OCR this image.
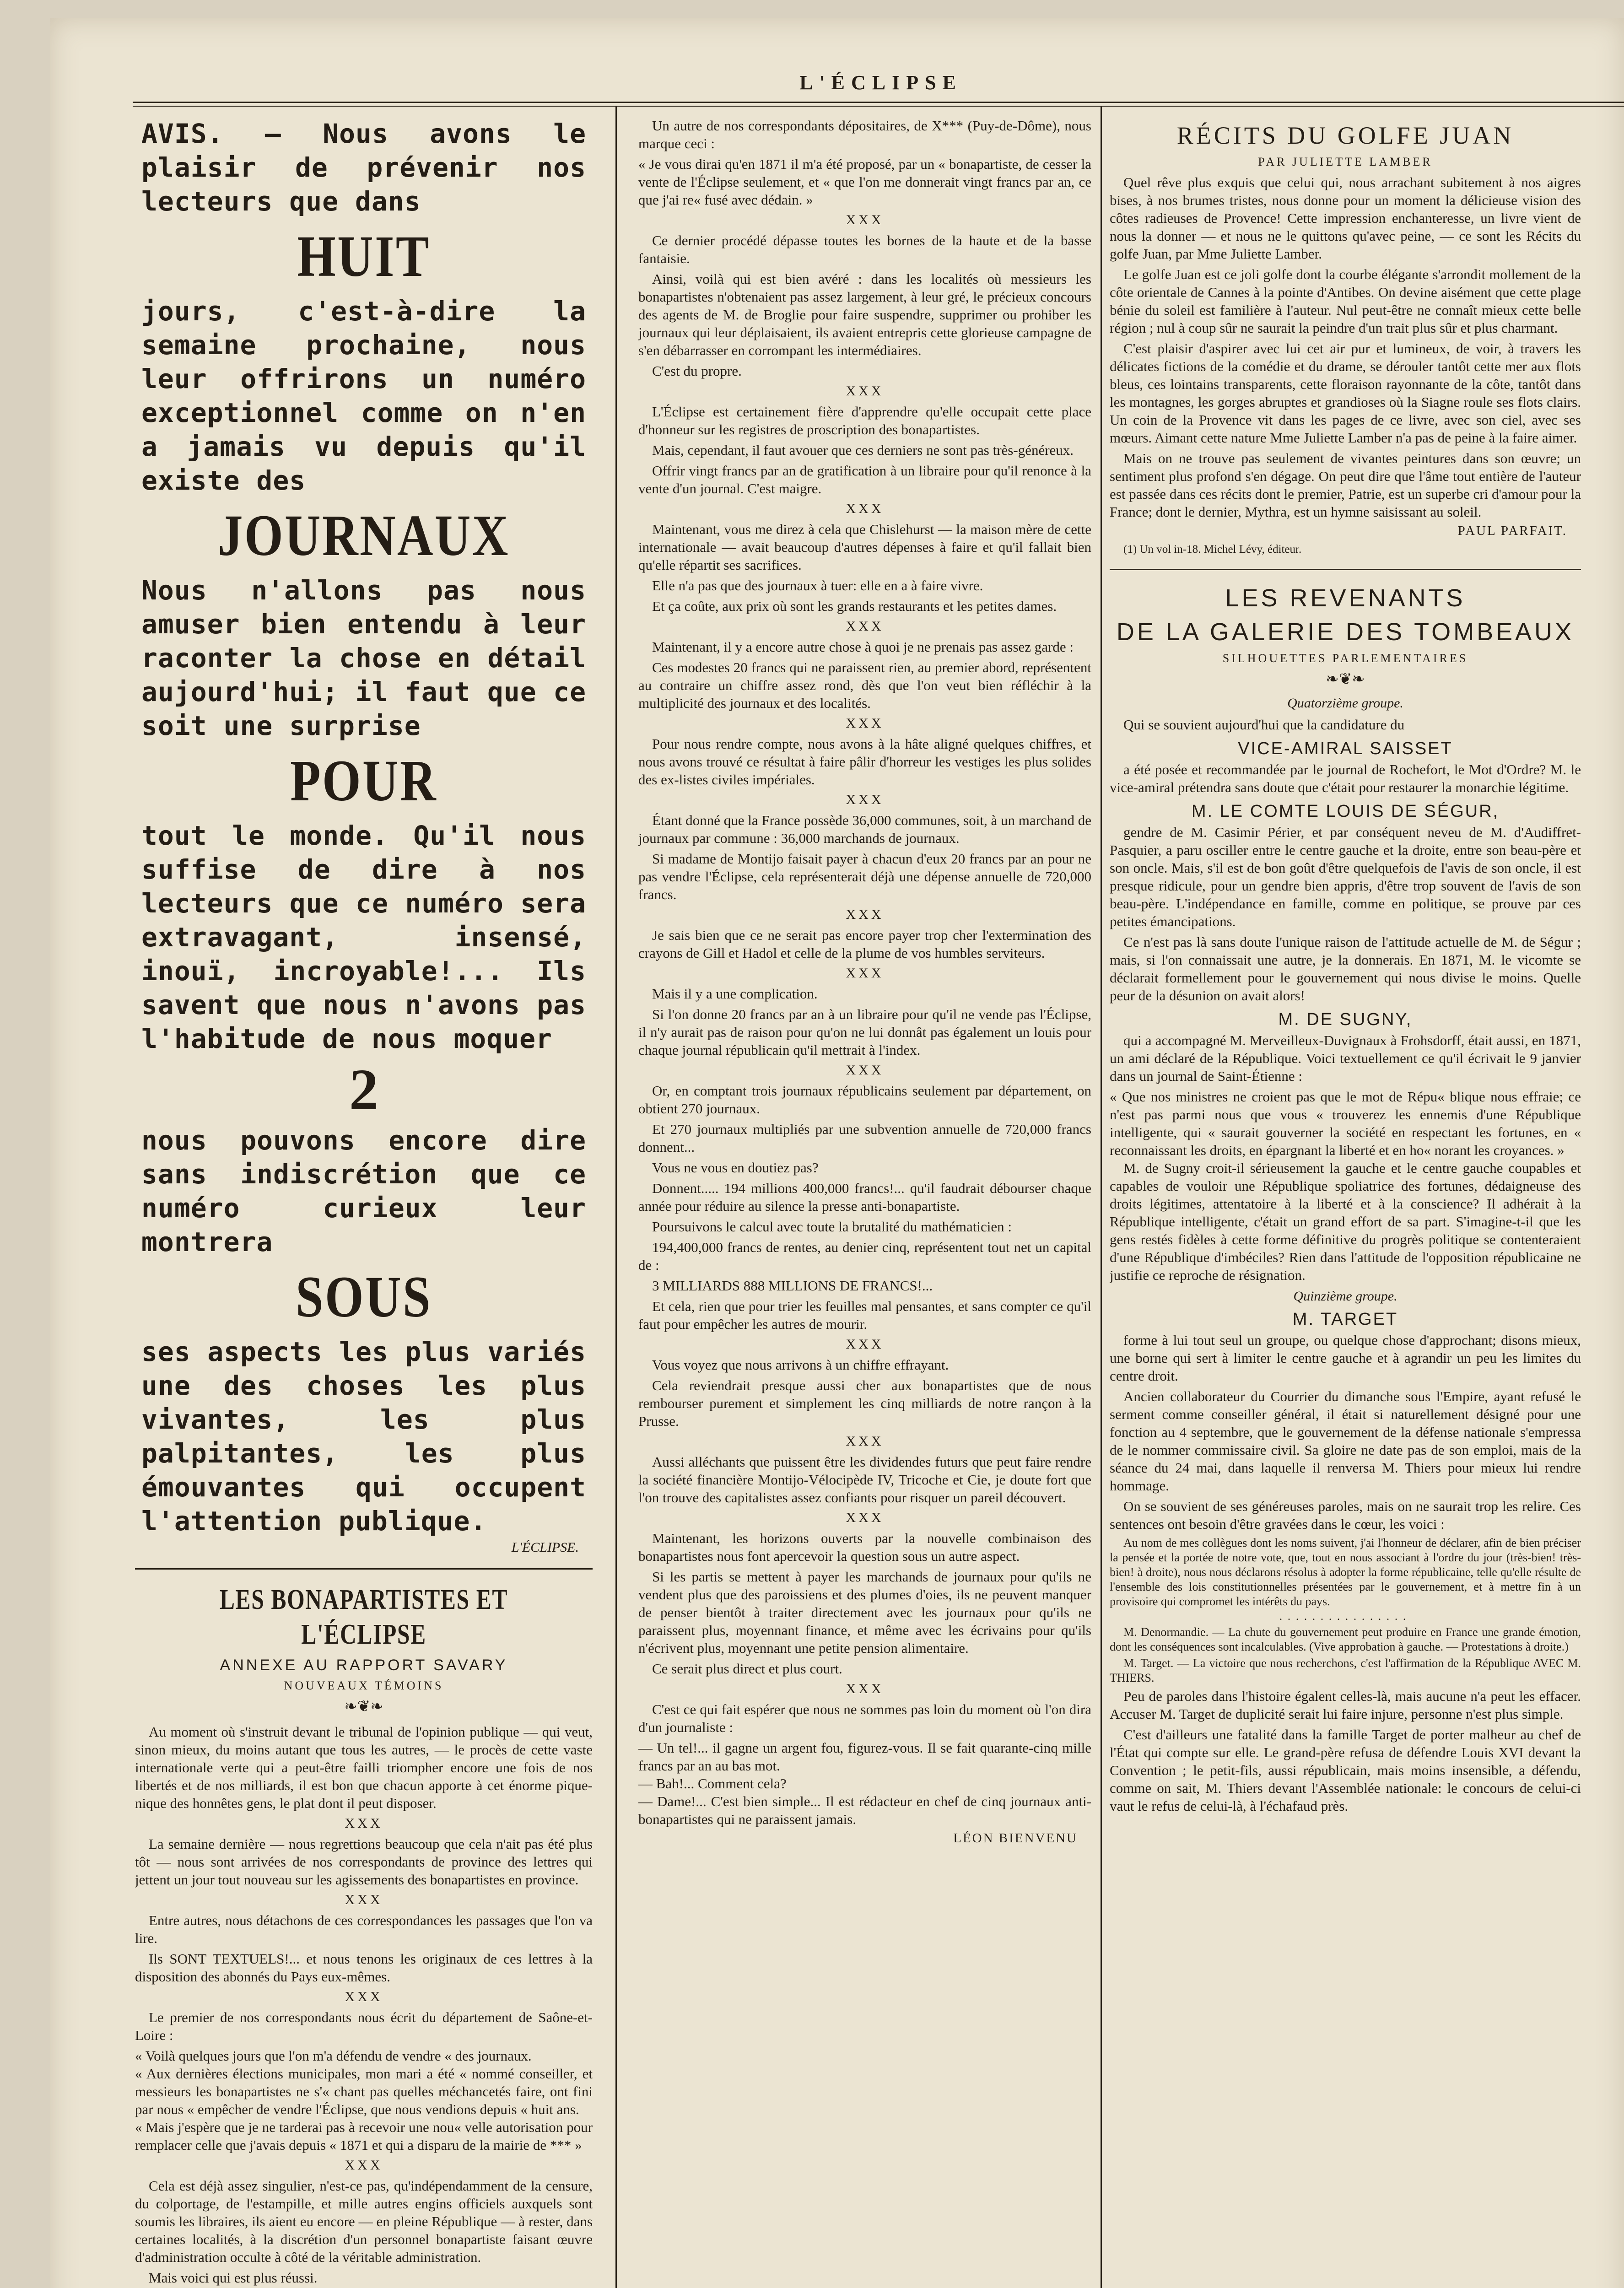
L'ÉCLIPSE
AVIS. — Nous avons le plaisir de prévenir nos lecteurs que dans
HUIT
jours, c'est-à-dire la semaine prochaine, nous leur offrirons un numéro exceptionnel comme on n'en a jamais vu depuis qu'il existe des
JOURNAUX
Nous n'allons pas nous amuser bien entendu à leur raconter la chose en détail aujourd'hui; il faut que ce soit une surprise
POUR
tout le monde. Qu'il nous suffise de dire à nos lecteurs que ce numéro sera extravagant, insensé, inouï, incroyable!... Ils savent que nous n'avons pas l'habitude de nous moquer
2
nous pouvons encore dire sans indiscrétion que ce numéro curieux leur montrera
SOUS
ses aspects les plus variés une des choses les plus vivantes, les plus palpitantes, les plus émouvantes qui occupent l'attention publique.
L'ÉCLIPSE.
LES BONAPARTISTES ET L'ÉCLIPSE
ANNEXE AU RAPPORT SAVARY
NOUVEAUX TÉMOINS
❧❦❧
Au moment où s'instruit devant le tribunal de l'opinion publique — qui veut, sinon mieux, du moins autant que tous les autres, — le procès de cette vaste internationale verte qui a peut-être failli triompher encore une fois de nos libertés et de nos milliards, il est bon que chacun apporte à cet énorme pique-nique des honnêtes gens, le plat dont il peut disposer.
XXX
La semaine dernière — nous regrettions beaucoup que cela n'ait pas été plus tôt — nous sont arrivées de nos correspondants de province des lettres qui jettent un jour tout nouveau sur les agissements des bonapartistes en province.
XXX
Entre autres, nous détachons de ces correspondances les passages que l'on va lire.
Ils SONT TEXTUELS!... et nous tenons les originaux de ces lettres à la disposition des abonnés du Pays eux-mêmes.
XXX
Le premier de nos correspondants nous écrit du département de Saône-et-Loire :
« Voilà quelques jours que l'on m'a défendu de vendre « des journaux.
« Aux dernières élections municipales, mon mari a été « nommé conseiller, et messieurs les bonapartistes ne s'« chant pas quelles méchancetés faire, ont fini par nous « empêcher de vendre l'Éclipse, que nous vendions depuis « huit ans.
« Mais j'espère que je ne tarderai pas à recevoir une nou« velle autorisation pour remplacer celle que j'avais depuis « 1871 et qui a disparu de la mairie de *** »
XXX
Cela est déjà assez singulier, n'est-ce pas, qu'indépendamment de la censure, du colportage, de l'estampille, et mille autres engins officiels auxquels sont soumis les libraires, ils aient eu encore — en pleine République — à rester, dans certaines localités, à la discrétion d'un personnel bonapartiste faisant œuvre d'administration occulte à côté de la véritable administration.
Mais voici qui est plus réussi.
Un autre de nos correspondants dépositaires, de X*** (Puy-de-Dôme), nous marque ceci :
« Je vous dirai qu'en 1871 il m'a été proposé, par un « bonapartiste, de cesser la vente de l'Éclipse seulement, et « que l'on me donnerait vingt francs par an, ce que j'ai re« fusé avec dédain. »
XXX
Ce dernier procédé dépasse toutes les bornes de la haute et de la basse fantaisie.
Ainsi, voilà qui est bien avéré : dans les localités où messieurs les bonapartistes n'obtenaient pas assez largement, à leur gré, le précieux concours des agents de M. de Broglie pour faire suspendre, supprimer ou prohiber les journaux qui leur déplaisaient, ils avaient entrepris cette glorieuse campagne de s'en débarrasser en corrompant les intermédiaires.
C'est du propre.
XXX
L'Éclipse est certainement fière d'apprendre qu'elle occupait cette place d'honneur sur les registres de proscription des bonapartistes.
Mais, cependant, il faut avouer que ces derniers ne sont pas très-généreux.
Offrir vingt francs par an de gratification à un libraire pour qu'il renonce à la vente d'un journal. C'est maigre.
XXX
Maintenant, vous me direz à cela que Chislehurst — la maison mère de cette internationale — avait beaucoup d'autres dépenses à faire et qu'il fallait bien qu'elle répartit ses sacrifices.
Elle n'a pas que des journaux à tuer: elle en a à faire vivre.
Et ça coûte, aux prix où sont les grands restaurants et les petites dames.
XXX
Maintenant, il y a encore autre chose à quoi je ne prenais pas assez garde :
Ces modestes 20 francs qui ne paraissent rien, au premier abord, représentent au contraire un chiffre assez rond, dès que l'on veut bien réfléchir à la multiplicité des journaux et des localités.
XXX
Pour nous rendre compte, nous avons à la hâte aligné quelques chiffres, et nous avons trouvé ce résultat à faire pâlir d'horreur les vestiges les plus solides des ex-listes civiles impériales.
XXX
Étant donné que la France possède 36,000 communes, soit, à un marchand de journaux par commune : 36,000 marchands de journaux.
Si madame de Montijo faisait payer à chacun d'eux 20 francs par an pour ne pas vendre l'Éclipse, cela représenterait déjà une dépense annuelle de 720,000 francs.
XXX
Je sais bien que ce ne serait pas encore payer trop cher l'extermination des crayons de Gill et Hadol et celle de la plume de vos humbles serviteurs.
XXX
Mais il y a une complication.
Si l'on donne 20 francs par an à un libraire pour qu'il ne vende pas l'Éclipse, il n'y aurait pas de raison pour qu'on ne lui donnât pas également un louis pour chaque journal républicain qu'il mettrait à l'index.
XXX
Or, en comptant trois journaux républicains seulement par département, on obtient 270 journaux.
Et 270 journaux multipliés par une subvention annuelle de 720,000 francs donnent...
Vous ne vous en doutiez pas?
Donnent..... 194 millions 400,000 francs!... qu'il faudrait débourser chaque année pour réduire au silence la presse anti-bonapartiste.
Poursuivons le calcul avec toute la brutalité du mathématicien :
194,400,000 francs de rentes, au denier cinq, représentent tout net un capital de :
3 MILLIARDS 888 MILLIONS DE FRANCS!...
Et cela, rien que pour trier les feuilles mal pensantes, et sans compter ce qu'il faut pour empêcher les autres de mourir.
XXX
Vous voyez que nous arrivons à un chiffre effrayant.
Cela reviendrait presque aussi cher aux bonapartistes que de nous rembourser purement et simplement les cinq milliards de notre rançon à la Prusse.
XXX
Aussi alléchants que puissent être les dividendes futurs que peut faire rendre la société financière Montijo-Vélocipède IV, Tricoche et Cie, je doute fort que l'on trouve des capitalistes assez confiants pour risquer un pareil découvert.
XXX
Maintenant, les horizons ouverts par la nouvelle combinaison des bonapartistes nous font apercevoir la question sous un autre aspect.
Si les partis se mettent à payer les marchands de journaux pour qu'ils ne vendent plus que des paroissiens et des plumes d'oies, ils ne peuvent manquer de penser bientôt à traiter directement avec les journaux pour qu'ils ne paraissent plus, moyennant finance, et même avec les écrivains pour qu'ils n'écrivent plus, moyennant une petite pension alimentaire.
Ce serait plus direct et plus court.
XXX
C'est ce qui fait espérer que nous ne sommes pas loin du moment où l'on dira d'un journaliste :
— Un tel!... il gagne un argent fou, figurez-vous. Il se fait quarante-cinq mille francs par an au bas mot.
— Bah!... Comment cela?
— Dame!... C'est bien simple... Il est rédacteur en chef de cinq journaux anti-bonapartistes qui ne paraissent jamais.
LÉON BIENVENU
RÉCITS DU GOLFE JUAN
PAR JULIETTE LAMBER
Quel rêve plus exquis que celui qui, nous arrachant subitement à nos aigres bises, à nos brumes tristes, nous donne pour un moment la délicieuse vision des côtes radieuses de Provence! Cette impression enchanteresse, un livre vient de nous la donner — et nous ne le quittons qu'avec peine, — ce sont les Récits du golfe Juan, par Mme Juliette Lamber.
Le golfe Juan est ce joli golfe dont la courbe élégante s'arrondit mollement de la côte orientale de Cannes à la pointe d'Antibes. On devine aisément que cette plage bénie du soleil est familière à l'auteur. Nul peut-être ne connaît mieux cette belle région ; nul à coup sûr ne saurait la peindre d'un trait plus sûr et plus charmant.
C'est plaisir d'aspirer avec lui cet air pur et lumineux, de voir, à travers les délicates fictions de la comédie et du drame, se dérouler tantôt cette mer aux flots bleus, ces lointains transparents, cette floraison rayonnante de la côte, tantôt dans les montagnes, les gorges abruptes et grandioses où la Siagne roule ses flots clairs. Un coin de la Provence vit dans les pages de ce livre, avec son ciel, avec ses mœurs. Aimant cette nature Mme Juliette Lamber n'a pas de peine à la faire aimer.
Mais on ne trouve pas seulement de vivantes peintures dans son œuvre; un sentiment plus profond s'en dégage. On peut dire que l'âme tout entière de l'auteur est passée dans ces récits dont le premier, Patrie, est un superbe cri d'amour pour la France; dont le dernier, Mythra, est un hymne saisissant au soleil.
PAUL PARFAIT.
(1) Un vol in-18. Michel Lévy, éditeur.
LES REVENANTS
DE LA GALERIE DES TOMBEAUX
SILHOUETTES PARLEMENTAIRES
❧❦❧
Quatorzième groupe.
Qui se souvient aujourd'hui que la candidature du
VICE-AMIRAL SAISSET
a été posée et recommandée par le journal de Rochefort, le Mot d'Ordre? M. le vice-amiral prétendra sans doute que c'était pour restaurer la monarchie légitime.
M. LE COMTE LOUIS DE SÉGUR,
gendre de M. Casimir Périer, et par conséquent neveu de M. d'Audiffret-Pasquier, a paru osciller entre le centre gauche et la droite, entre son beau-père et son oncle. Mais, s'il est de bon goût d'être quelquefois de l'avis de son oncle, il est presque ridicule, pour un gendre bien appris, d'être trop souvent de l'avis de son beau-père. L'indépendance en famille, comme en politique, se prouve par ces petites émancipations.
Ce n'est pas là sans doute l'unique raison de l'attitude actuelle de M. de Ségur ; mais, si l'on connaissait une autre, je la donnerais. En 1871, M. le vicomte se déclarait formellement pour le gouvernement qui nous divise le moins. Quelle peur de la désunion on avait alors!
M. DE SUGNY,
qui a accompagné M. Merveilleux-Duvignaux à Frohsdorff, était aussi, en 1871, un ami déclaré de la République. Voici textuellement ce qu'il écrivait le 9 janvier dans un journal de Saint-Étienne :
« Que nos ministres ne croient pas que le mot de Répu« blique nous effraie; ce n'est pas parmi nous que vous « trouverez les ennemis d'une République intelligente, qui « saurait gouverner la société en respectant les fortunes, en « reconnaissant les droits, en épargnant la liberté et en ho« norant les croyances. »
M. de Sugny croit-il sérieusement la gauche et le centre gauche coupables et capables de vouloir une République spoliatrice des fortunes, dédaigneuse des droits légitimes, attentatoire à la liberté et à la conscience? Il adhérait à la République intelligente, c'était un grand effort de sa part. S'imagine-t-il que les gens restés fidèles à cette forme définitive du progrès politique se contenteraient d'une République d'imbéciles? Rien dans l'attitude de l'opposition républicaine ne justifie ce reproche de résignation.
Quinzième groupe.
M. TARGET
forme à lui tout seul un groupe, ou quelque chose d'approchant; disons mieux, une borne qui sert à limiter le centre gauche et à agrandir un peu les limites du centre droit.
Ancien collaborateur du Courrier du dimanche sous l'Empire, ayant refusé le serment comme conseiller général, il était si naturellement désigné pour une fonction au 4 septembre, que le gouvernement de la défense nationale s'empressa de le nommer commissaire civil. Sa gloire ne date pas de son emploi, mais de la séance du 24 mai, dans laquelle il renversa M. Thiers pour mieux lui rendre hommage.
On se souvient de ses généreuses paroles, mais on ne saurait trop les relire. Ces sentences ont besoin d'être gravées dans le cœur, les voici :
Au nom de mes collègues dont les noms suivent, j'ai l'honneur de déclarer, afin de bien préciser la pensée et la portée de notre vote, que, tout en nous associant à l'ordre du jour (très-bien! très-bien! à droite), nous nous déclarons résolus à adopter la forme républicaine, telle qu'elle résulte de l'ensemble des lois constitutionnelles présentées par le gouvernement, et à mettre fin à un provisoire qui compromet les intérêts du pays.
................
M. Denormandie. — La chute du gouvernement peut produire en France une grande émotion, dont les conséquences sont incalculables. (Vive approbation à gauche. — Protestations à droite.)
M. Target. — La victoire que nous recherchons, c'est l'affirmation de la République AVEC M. THIERS.
Peu de paroles dans l'histoire égalent celles-là, mais aucune n'a peut les effacer. Accuser M. Target de duplicité serait lui faire injure, personne n'est plus simple.
C'est d'ailleurs une fatalité dans la famille Target de porter malheur au chef de l'État qui compte sur elle. Le grand-père refusa de défendre Louis XVI devant la Convention ; le petit-fils, aussi républicain, mais moins insensible, a défendu, comme on sait, M. Thiers devant l'Assemblée nationale: le concours de celui-ci vaut le refus de celui-là, à l'échafaud près.
